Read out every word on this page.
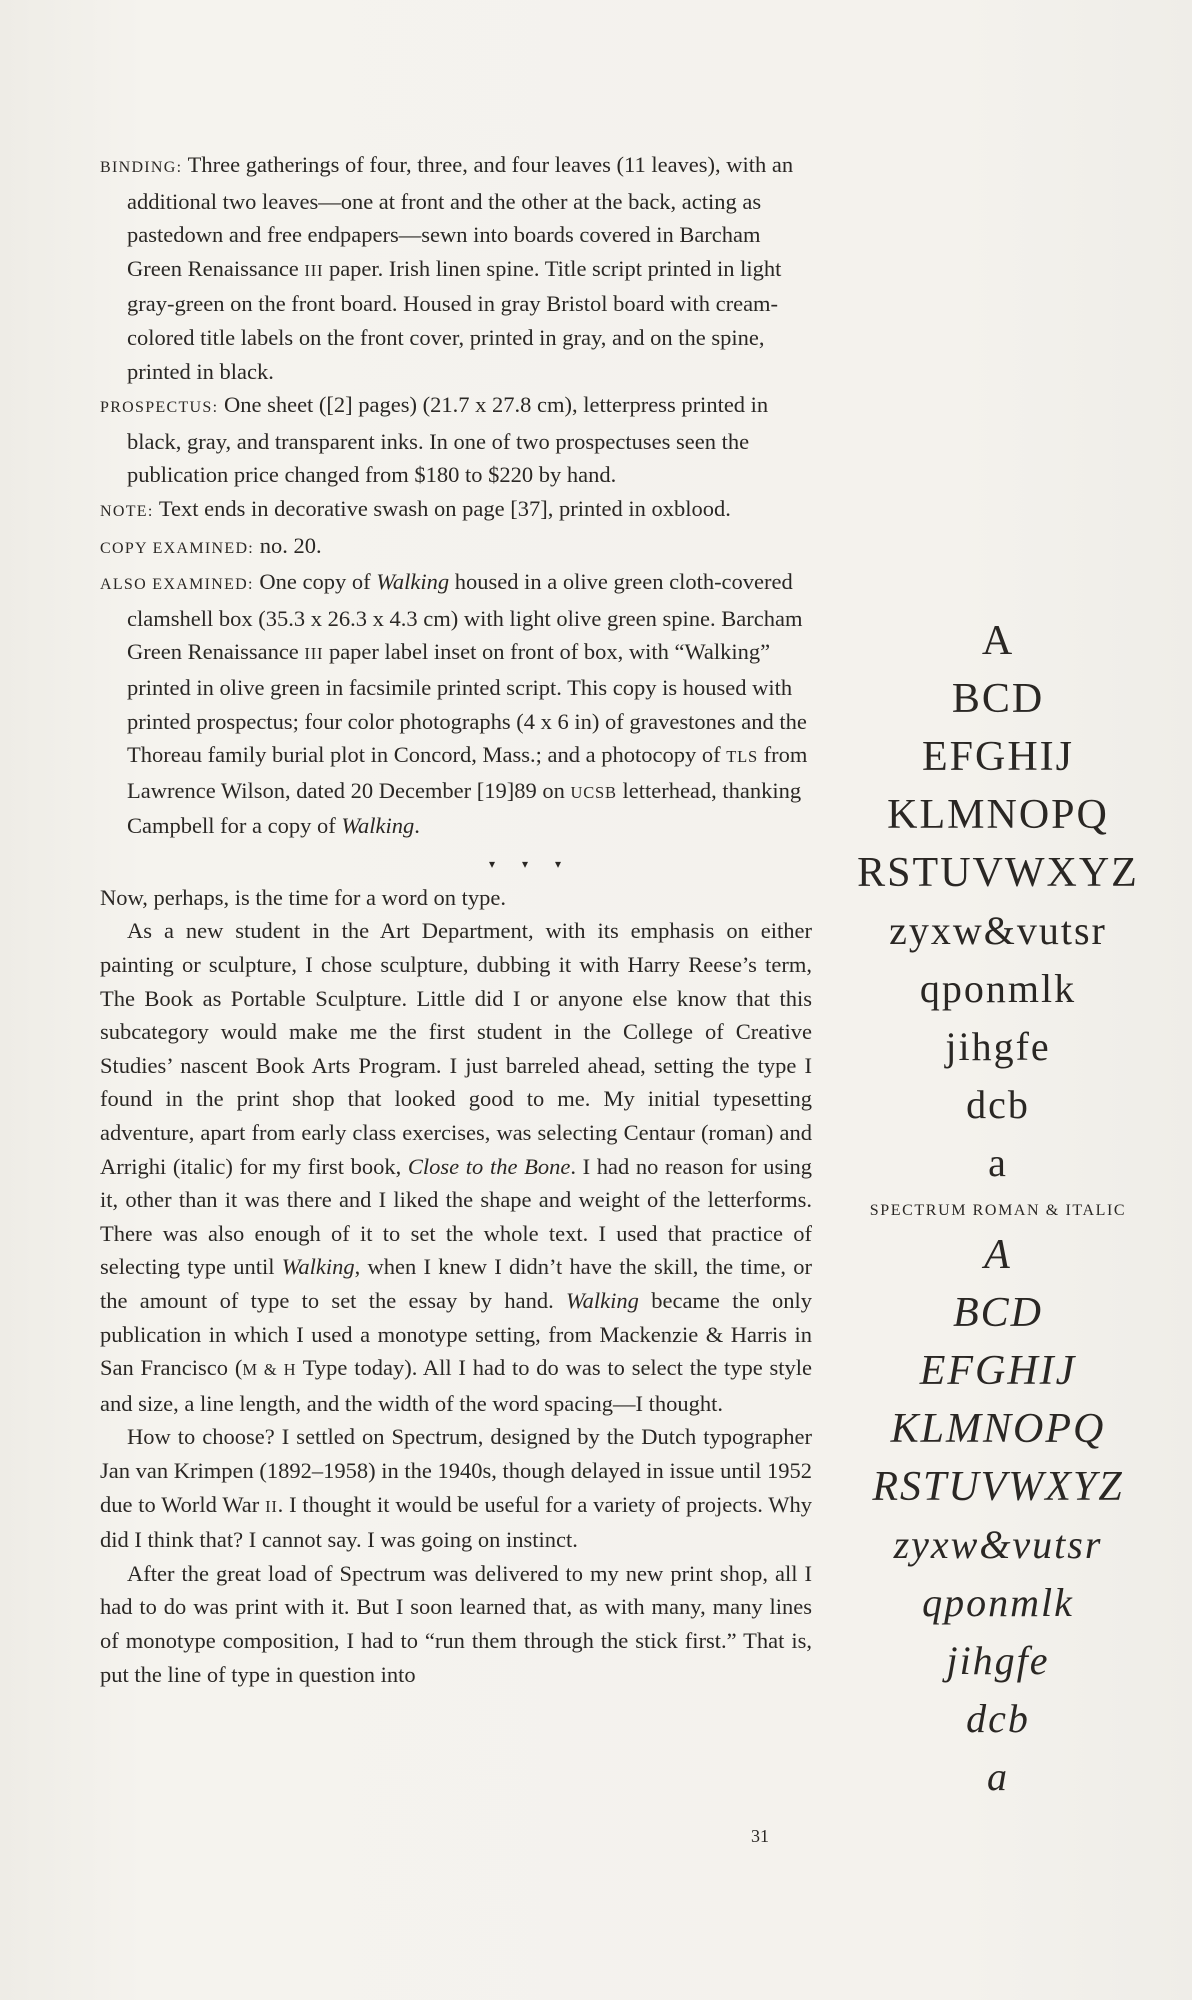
BINDING: Three gatherings of four, three, and four leaves (11 leaves), with an additional two leaves—one at front and the other at the back, acting as pastedown and free endpapers—sewn into boards covered in Barcham Green Renaissance III paper. Irish linen spine. Title script printed in light gray-green on the front board. Housed in gray Bristol board with cream-colored title labels on the front cover, printed in gray, and on the spine, printed in black.

PROSPECTUS: One sheet ([2] pages) (21.7 x 27.8 cm), letterpress printed in black, gray, and transparent inks. In one of two prospectuses seen the publication price changed from $180 to $220 by hand.

NOTE: Text ends in decorative swash on page [37], printed in oxblood.

COPY EXAMINED: no. 20.

ALSO EXAMINED: One copy of Walking housed in a olive green cloth-covered clamshell box (35.3 x 26.3 x 4.3 cm) with light olive green spine. Barcham Green Renaissance III paper label inset on front of box, with “Walking” printed in olive green in facsimile printed script. This copy is housed with printed prospectus; four color photographs (4 x 6 in) of gravestones and the Thoreau family burial plot in Concord, Mass.; and a photocopy of TLS from Lawrence Wilson, dated 20 December [19]89 on UCSB letterhead, thanking Campbell for a copy of Walking.

▾ ▾ ▾

Now, perhaps, is the time for a word on type.

As a new student in the Art Department, with its emphasis on either painting or sculpture, I chose sculpture, dubbing it with Harry Reese’s term, The Book as Portable Sculpture. Little did I or anyone else know that this subcategory would make me the first student in the College of Creative Studies’ nascent Book Arts Program. I just barreled ahead, setting the type I found in the print shop that looked good to me. My initial typesetting adventure, apart from early class exercises, was selecting Centaur (roman) and Arrighi (italic) for my first book, Close to the Bone. I had no reason for using it, other than it was there and I liked the shape and weight of the letterforms. There was also enough of it to set the whole text. I used that practice of selecting type until Walking, when I knew I didn’t have the skill, the time, or the amount of type to set the essay by hand. Walking became the only publication in which I used a monotype setting, from Mackenzie & Harris in San Francisco (M & H Type today). All I had to do was to select the type style and size, a line length, and the width of the word spacing—I thought.

How to choose? I settled on Spectrum, designed by the Dutch typographer Jan van Krimpen (1892–1958) in the 1940s, though delayed in issue until 1952 due to World War II. I thought it would be useful for a variety of projects. Why did I think that? I cannot say. I was going on instinct.

After the great load of Spectrum was delivered to my new print shop, all I had to do was print with it. But I soon learned that, as with many, many lines of monotype composition, I had to “run them through the stick first.” That is, put the line of type in question into

A

BCD

EFGHIJ

KLMNOPQ

RSTUVWXYZ

zyxw&vutsr

qponmlk

jihgfe

dcb

a

SPECTRUM ROMAN & ITALIC

A

BCD

EFGHIJ

KLMNOPQ

RSTUVWXYZ

zyxw&vutsr

qponmlk

jihgfe

dcb

a

31
